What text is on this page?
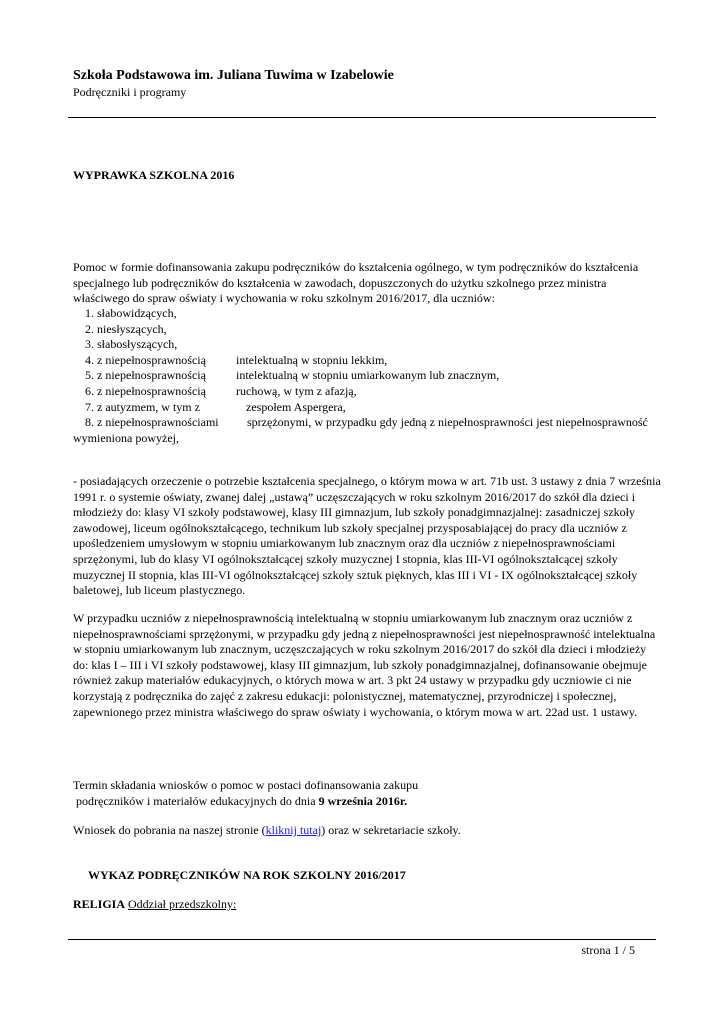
Szkoła Podstawowa im. Juliana Tuwima w Izabelowie
Podręczniki i programy
WYPRAWKA SZKOLNA 2016
Pomoc w formie dofinansowania zakupu podręczników do kształcenia ogólnego, w tym podręczników do kształcenia specjalnego lub podręczników do kształcenia w zawodach, dopuszczonych do użytku szkolnego przez ministra właściwego do spraw oświaty i wychowania w roku szkolnym 2016/2017, dla uczniów:
1. słabowidzących,
2. niesłyszących,
3. słabosłyszących,
4. z niepełnosprawnością	intelektualną w stopniu lekkim,
5. z niepełnosprawnością	intelektualną w stopniu umiarkowanym lub znacznym,
6. z niepełnosprawnością	ruchową, w tym z afazją,
7. z autyzmem, w tym z	zespołem Aspergera,
8. z niepełnosprawnościami sprzężonymi, w przypadku gdy jedną z niepełnosprawności jest niepełnosprawność wymieniona powyżej,
- posiadających orzeczenie o potrzebie kształcenia specjalnego, o którym mowa w art. 71b ust. 3 ustawy z dnia 7 września 1991 r. o systemie oświaty, zwanej dalej „ustawą” uczęszczających w roku szkolnym 2016/2017 do szkół dla dzieci i młodzieży do: klasy VI szkoły podstawowej, klasy III gimnazjum, lub szkoły ponadgimnazjalnej: zasadniczej szkoły zawodowej, liceum ogólnokształcącego, technikum lub szkoły specjalnej przysposabiającej do pracy dla uczniów z upośledzeniem umysłowym w stopniu umiarkowanym lub znacznym oraz dla uczniów z niepełnosprawnościami sprzężonymi, lub do klasy VI ogólnokształcącej szkoły muzycznej I stopnia, klas III-VI ogólnokształcącej szkoły muzycznej II stopnia, klas III-VI ogólnokształcącej szkoły sztuk pięknych, klas III i VI - IX ogólnokształcącej szkoły baletowej, lub liceum plastycznego.
W przypadku uczniów z niepełnosprawnością intelektualną w stopniu umiarkowanym lub znacznym oraz uczniów z niepełnosprawnościami sprzężonymi, w przypadku gdy jedną z niepełnosprawności jest niepełnosprawność intelektualna w stopniu umiarkowanym lub znacznym, uczęszczających w roku szkolnym 2016/2017 do szkół dla dzieci i młodzieży do: klas I – III i VI szkoły podstawowej, klasy III gimnazjum, lub szkoły ponadgimnazjalnej, dofinansowanie obejmuje również zakup materiałów edukacyjnych, o których mowa w art. 3 pkt 24 ustawy w przypadku gdy uczniowie ci nie korzystają z podręcznika do zajęć z zakresu edukacji: polonistycznej, matematycznej, przyrodniczej i społecznej, zapewnionego przez ministra właściwego do spraw oświaty i wychowania, o którym mowa w art. 22ad ust. 1 ustawy.
Termin składania wniosków o pomoc w postaci dofinansowania zakupu
podręczników i materiałów edukacyjnych do dnia 9 września 2016r.
Wniosek do pobrania na naszej stronie (kliknij tutaj) oraz w sekretariacie szkoły.
WYKAZ PODRĘCZNIKÓW NA ROK SZKOLNY 2016/2017
RELIGIA Oddział przedszkolny:
strona 1 / 5
